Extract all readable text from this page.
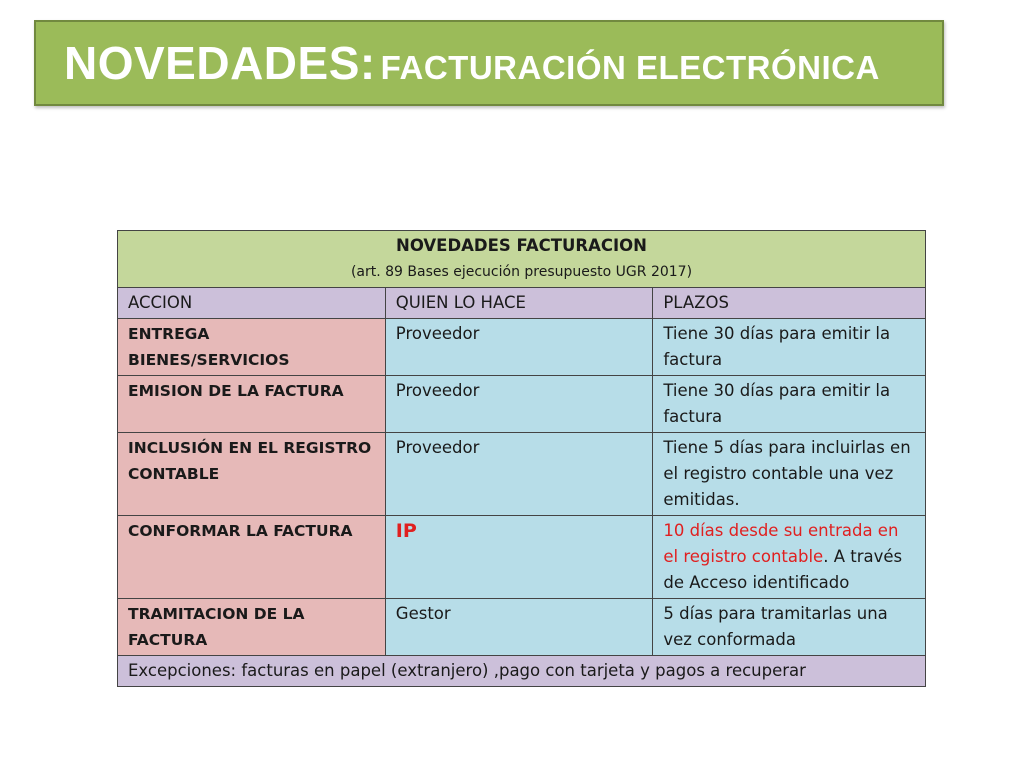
NOVEDADES: FACTURACIÓN ELECTRÓNICA
NOVEDADES FACTURACION
(art. 89 Bases ejecución presupuesto UGR 2017)		

ACCION	QUIEN LO HACE	PLAZOS
ENTREGA BIENES/SERVICIOS	Proveedor	Tiene 30 días para emitir la factura
EMISION DE LA FACTURA	Proveedor	Tiene 30 días para emitir la factura
INCLUSIÓN EN EL REGISTRO CONTABLE	Proveedor	Tiene 5 días para incluirlas en el registro contable una vez emitidas.
CONFORMAR LA FACTURA	IP	10 días desde su entrada en el registro contable. A través de Acceso identificado
TRAMITACION DE LA FACTURA	Gestor	5 días para tramitarlas una vez conformada
Excepciones: facturas en papel (extranjero) ,pago con tarjeta y pagos a recuperar		
